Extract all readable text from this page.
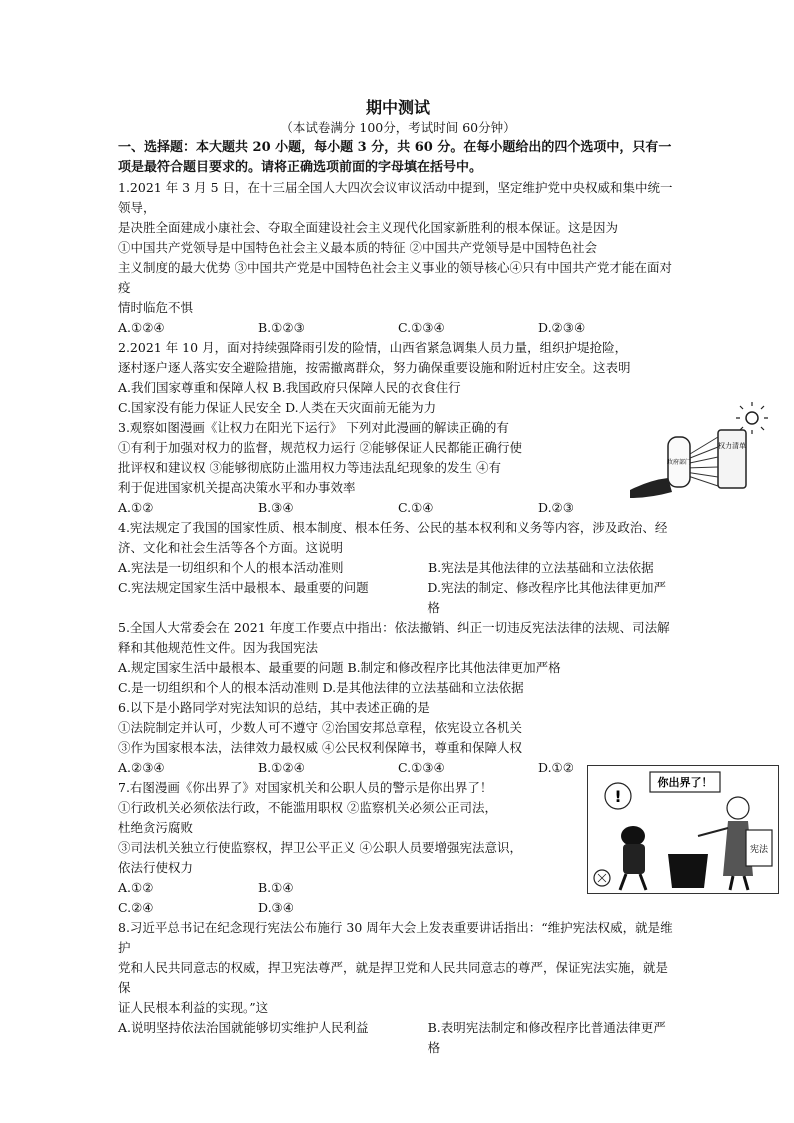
期中测试

（本试卷满分 100分，考试时间 60分钟）
一、选择题：本大题共 20 小题，每小题 3 分，共 60 分。在每小题给出的四个选项中，只有一项是最符合题目要求的。请将正确选项前面的字母填在括号中。

1.2021 年 3 月 5 日，在十三届全国人大四次会议审议活动中提到，坚定维护党中央权威和集中统一领导，

是决胜全面建成小康社会、夺取全面建设社会主义现代化国家新胜利的根本保证。这是因为

①中国共产党领导是中国特色社会主义最本质的特征 ②中国共产党领导是中国特色社会

主义制度的最大优势 ③中国共产党是中国特色社会主义事业的领导核心④只有中国共产党才能在面对疫

情时临危不惧

A.①②④	B.①②③	C.①③④	D.②③④

2.2021 年 10 月，面对持续强降雨引发的险情，山西省紧急调集人员力量，组织护堤抢险，

逐村逐户逐人落实安全避险措施，按需撤离群众，努力确保重要设施和附近村庄安全。这表明

A.我们国家尊重和保障人权 B.我国政府只保障人民的衣食住行

C.国家没有能力保证人民安全 D.人类在天灾面前无能为力

3.观察如图漫画《让权力在阳光下运行》 下列对此漫画的解读正确的有

①有利于加强对权力的监督，规范权力运行 ②能够保证人民都能正确行使

批评权和建议权 ③能够彻底防止滥用权力等违法乱纪现象的发生 ④有

利于促进国家机关提高决策水平和办事效率

A.①②	B.③④	C.①④	D.②③

4.宪法规定了我国的国家性质、根本制度、根本任务、公民的基本权利和义务等内容，涉及政治、经济、文化和社会生活等各个方面。这说明

A.宪法是一切组织和个人的根本活动准则	B.宪法是其他法律的立法基础和立法依据
C.宪法规定国家生活中最根本、最重要的问题	D.宪法的制定、修改程序比其他法律更加严格

5.全国人大常委会在 2021 年度工作要点中指出：依法撤销、纠正一切违反宪法法律的法规、司法解释和其他规范性文件。因为我国宪法

A.规定国家生活中最根本、最重要的问题 B.制定和修改程序比其他法律更加严格

C.是一切组织和个人的根本活动准则 D.是其他法律的立法基础和立法依据

6.以下是小路同学对宪法知识的总结，其中表述正确的是

①法院制定并认可，少数人可不遵守 ②治国安邦总章程，依宪设立各机关

③作为国家根本法，法律效力最权威 ④公民权利保障书，尊重和保障人权

A.②③④	B.①②④	C.①③④	D.①②

7.右图漫画《你出界了》对国家机关和公职人员的警示是你出界了！

①行政机关必须依法行政，不能滥用职权 ②监察机关必须公正司法，

杜绝贪污腐败

③司法机关独立行使监察权，捍卫公平正义 ④公职人员要增强宪法意识，

依法行使权力

A.①②	B.①④
C.②④	D.③④

8.习近平总书记在纪念现行宪法公布施行 30 周年大会上发表重要讲话指出：“维护宪法权威，就是维护

党和人民共同意志的权威，捍卫宪法尊严，就是捍卫党和人民共同意志的尊严，保证宪法实施，就是保

证人民根本利益的实现。”这

A.说明坚持依法治国就能够切实维护人民利益	B.表明宪法制定和修改程序比普通法律更严格
权力清单
政府部门
你出界了！
!
宪法
